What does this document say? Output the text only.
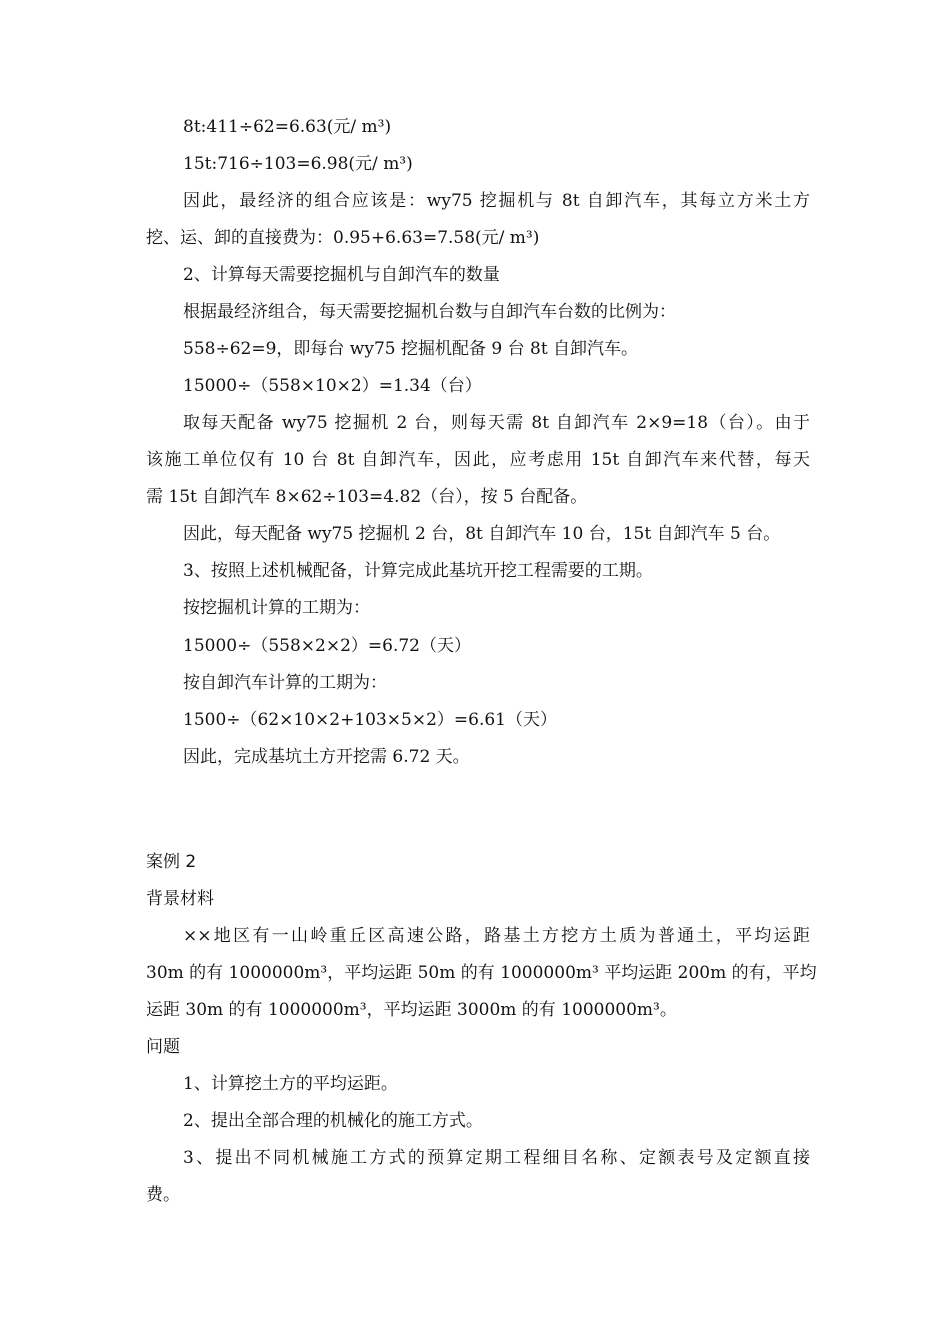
8t:411÷62=6.63(元/ m³)
15t:716÷103=6.98(元/ m³)
因此，最经济的组合应该是：wy75 挖掘机与 8t 自卸汽车，其每立方米土方
挖、运、卸的直接费为：0.95+6.63=7.58(元/ m³)
2、计算每天需要挖掘机与自卸汽车的数量
根据最经济组合，每天需要挖掘机台数与自卸汽车台数的比例为：
558÷62=9，即每台 wy75 挖掘机配备 9 台 8t 自卸汽车。
15000÷（558×10×2）=1.34（台）
取每天配备 wy75 挖掘机 2 台，则每天需 8t 自卸汽车 2×9=18（台）。由于
该施工单位仅有 10 台 8t 自卸汽车，因此，应考虑用 15t 自卸汽车来代替，每天
需 15t 自卸汽车 8×62÷103=4.82（台），按 5 台配备。
因此，每天配备 wy75 挖掘机 2 台，8t 自卸汽车 10 台，15t 自卸汽车 5 台。
3、按照上述机械配备，计算完成此基坑开挖工程需要的工期。
按挖掘机计算的工期为：
15000÷（558×2×2）=6.72（天）
按自卸汽车计算的工期为：
1500÷（62×10×2+103×5×2）=6.61（天）
因此，完成基坑土方开挖需 6.72 天。
案例 2
背景材料
××地区有一山岭重丘区高速公路，路基土方挖方土质为普通土，平均运距
30m 的有 1000000m³，平均运距 50m 的有 1000000m³ 平均运距 200m 的有，平均
运距 30m 的有 1000000m³，平均运距 3000m 的有 1000000m³。
问题
1、计算挖土方的平均运距。
2、提出全部合理的机械化的施工方式。
3、提出不同机械施工方式的预算定期工程细目名称、定额表号及定额直接
费。
